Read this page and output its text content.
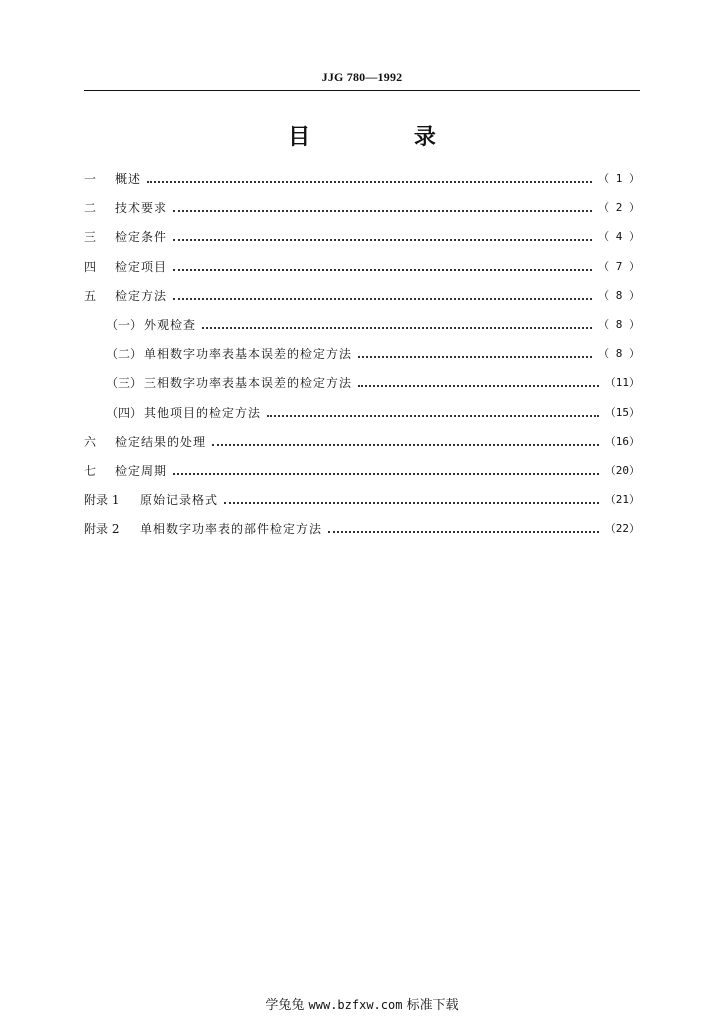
JJG 780—1992
目 录
一	概述	（ 1 ）
二	技术要求	（ 2 ）
三	检定条件	（ 4 ）
四	检定项目	（ 7 ）
五	检定方法	（ 8 ）
（一） 外观检查	（ 8 ）
（二） 单相数字功率表基本误差的检定方法	（ 8 ）
（三） 三相数字功率表基本误差的检定方法	（11）
（四） 其他项目的检定方法	（15）
六	检定结果的处理	（16）
七	检定周期	（20）
附录 1	原始记录格式	（21）
附录 2	单相数字功率表的部件检定方法	（22）
学兔兔 www.bzfxw.com 标准下载
